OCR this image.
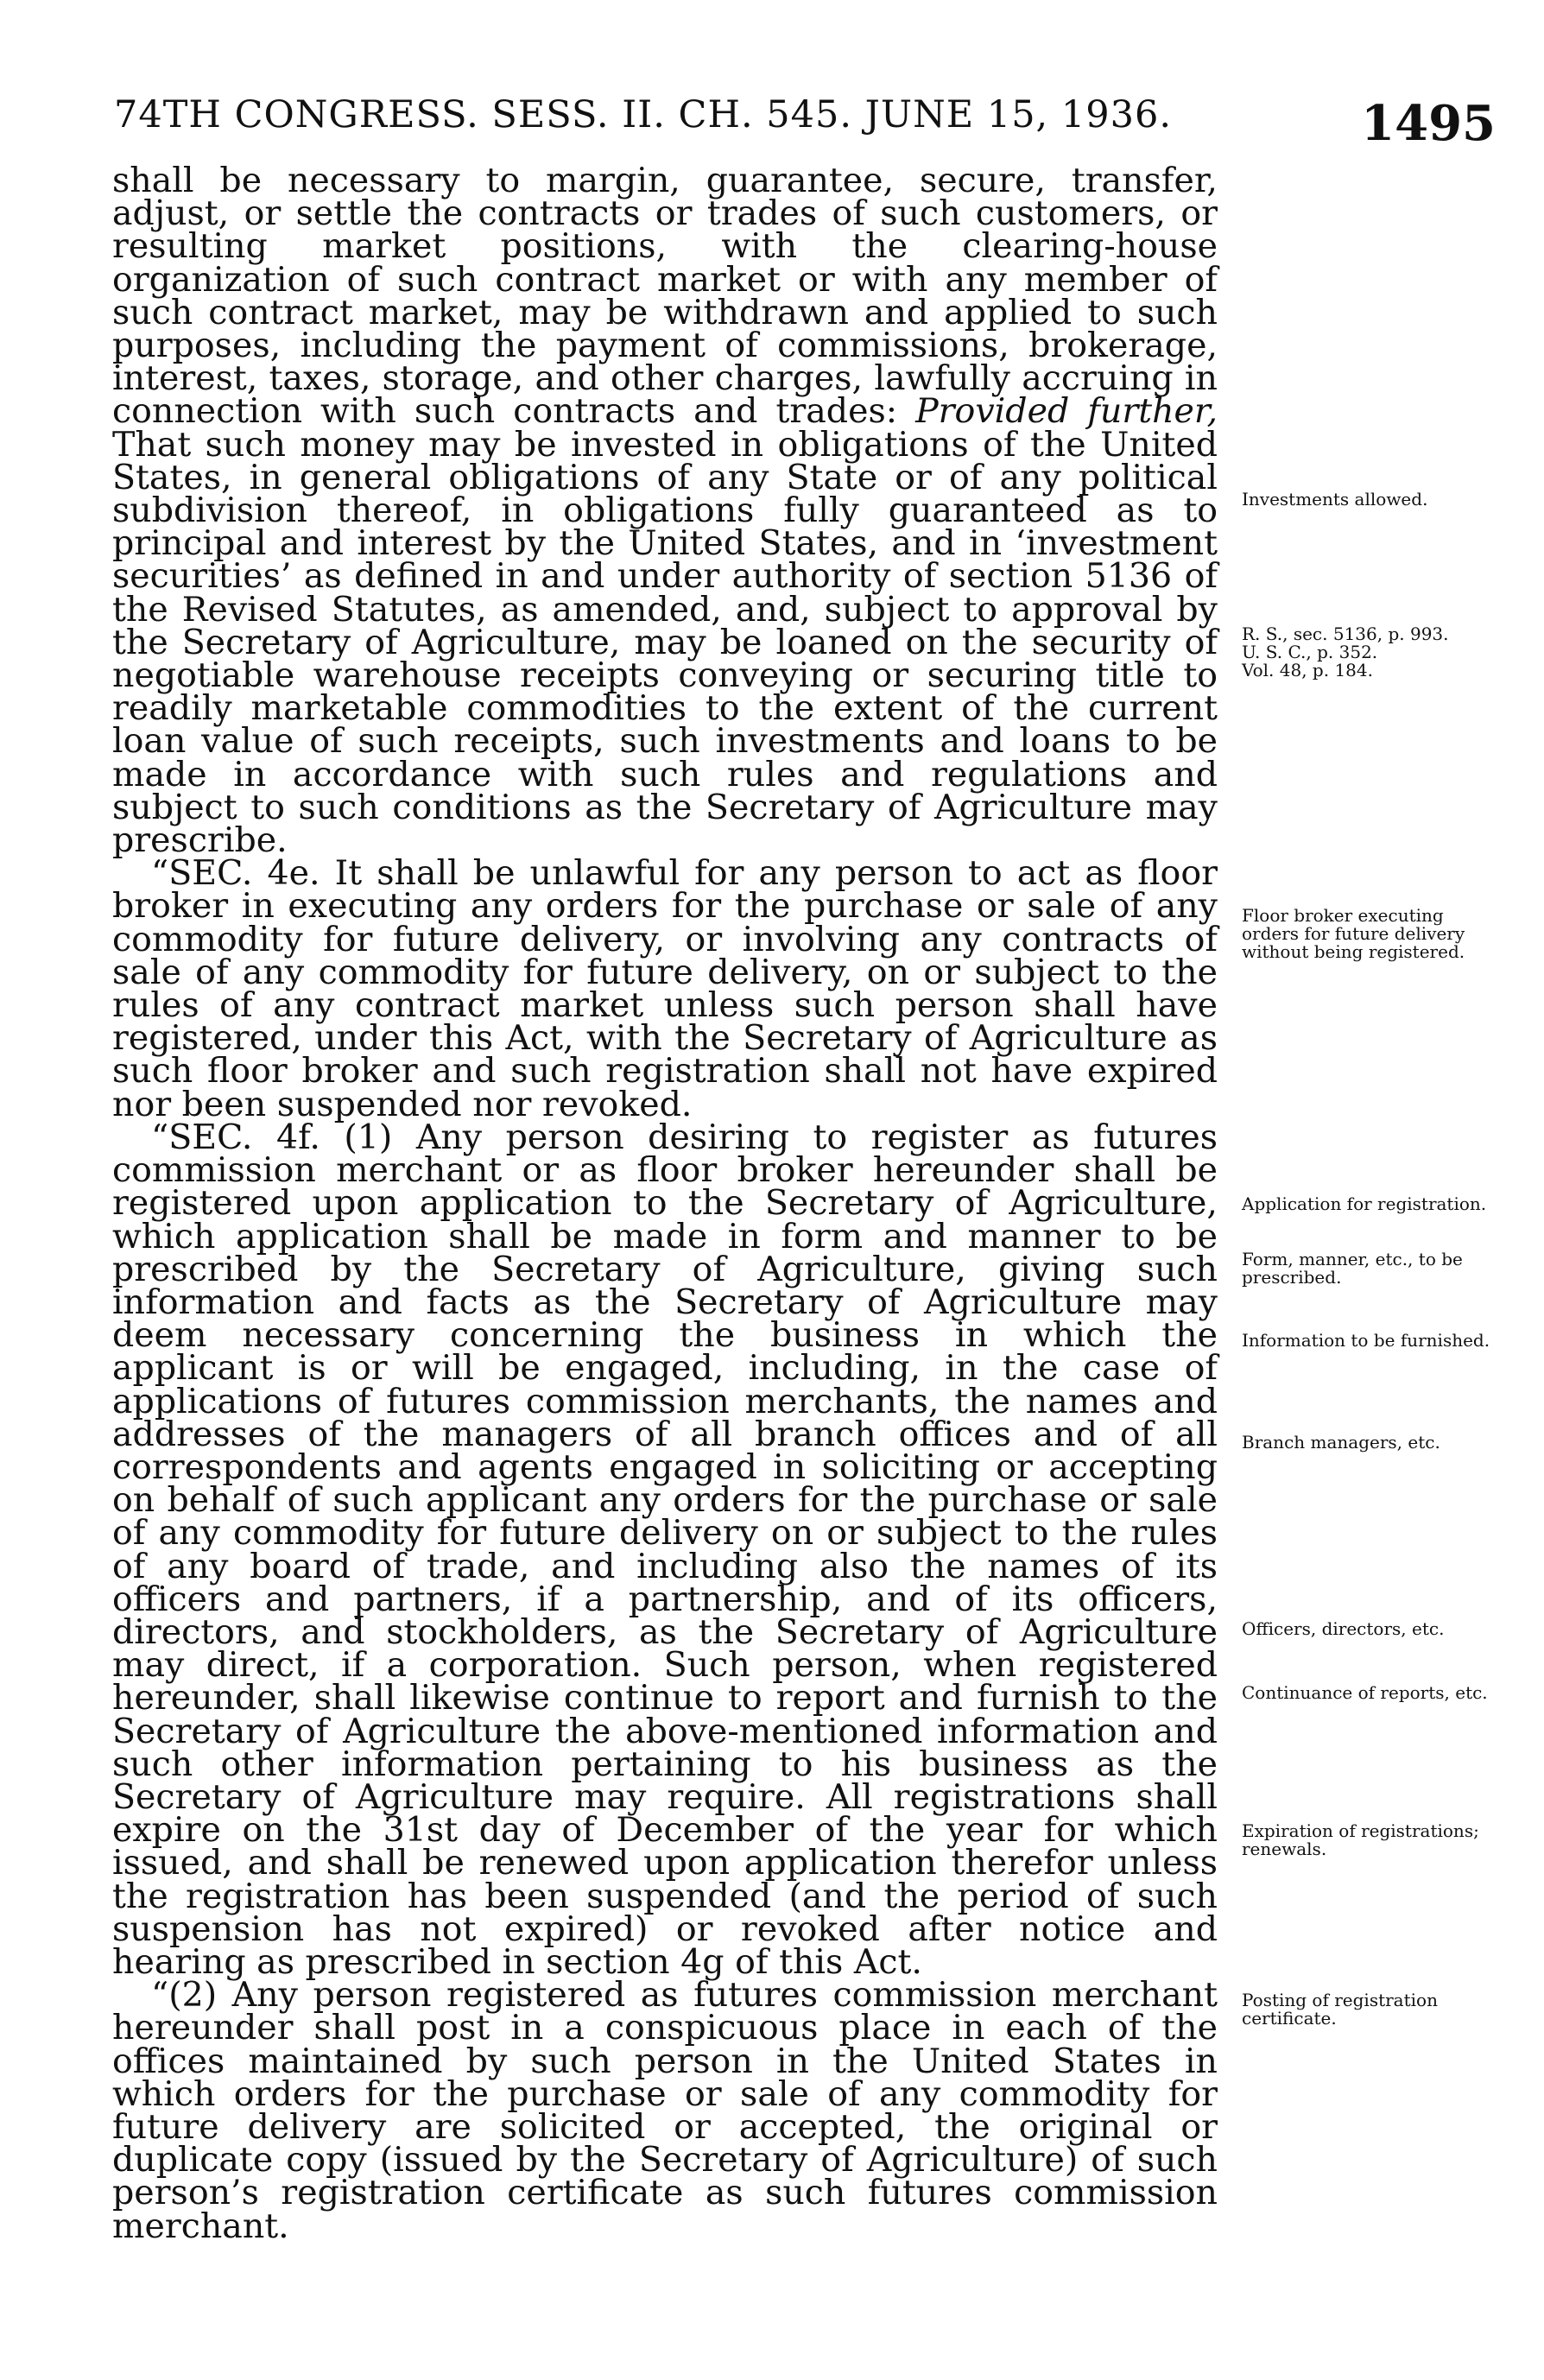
74TH CONGRESS. SESS. II. CH. 545. JUNE 15, 1936.	1495

shall be necessary to margin, guarantee, secure, transfer, adjust, or settle the contracts or trades of such customers, or resulting market positions, with the clearing-house organization of such contract market or with any member of such contract market, may be withdrawn and applied to such purposes, including the payment of commissions, brokerage, interest, taxes, storage, and other charges, lawfully accruing in connection with such contracts and trades: Provided further, That such money may be invested in obligations of the United States, in general obligations of any State or of any political subdivision thereof, in obligations fully guaranteed as to principal and interest by the United States, and in ‘investment securities’ as defined in and under authority of section 5136 of the Revised Statutes, as amended, and, subject to approval by the Secretary of Agriculture, may be loaned on the security of negotiable warehouse receipts conveying or securing title to readily marketable commodities to the extent of the current loan value of such receipts, such investments and loans to be made in accordance with such rules and regulations and subject to such conditions as the Secretary of Agriculture may prescribe.

“SEC. 4e. It shall be unlawful for any person to act as floor broker in executing any orders for the purchase or sale of any commodity for future delivery, or involving any contracts of sale of any commodity for future delivery, on or subject to the rules of any contract market unless such person shall have registered, under this Act, with the Secretary of Agriculture as such floor broker and such registration shall not have expired nor been suspended nor revoked.

“SEC. 4f. (1) Any person desiring to register as futures commission merchant or as floor broker hereunder shall be registered upon application to the Secretary of Agriculture, which application shall be made in form and manner to be prescribed by the Secretary of Agriculture, giving such information and facts as the Secretary of Agriculture may deem necessary concerning the business in which the applicant is or will be engaged, including, in the case of applications of futures commission merchants, the names and addresses of the managers of all branch offices and of all correspondents and agents engaged in soliciting or accepting on behalf of such applicant any orders for the purchase or sale of any commodity for future delivery on or subject to the rules of any board of trade, and including also the names of its officers and partners, if a partnership, and of its officers, directors, and stockholders, as the Secretary of Agriculture may direct, if a corporation. Such person, when registered hereunder, shall likewise continue to report and furnish to the Secretary of Agriculture the above-mentioned information and such other information pertaining to his business as the Secretary of Agriculture may require. All registrations shall expire on the 31st day of December of the year for which issued, and shall be renewed upon application therefor unless the registration has been suspended (and the period of such suspension has not expired) or revoked after notice and hearing as prescribed in section 4g of this Act.

“(2) Any person registered as futures commission merchant hereunder shall post in a conspicuous place in each of the offices maintained by such person in the United States in which orders for the purchase or sale of any commodity for future delivery are solicited or accepted, the original or duplicate copy (issued by the Secretary of Agriculture) of such person’s registration certificate as such futures commission merchant.

Investments allowed.
R. S., sec. 5136, p. 993.
U. S. C., p. 352.
Vol. 48, p. 184.
Floor broker executing orders for future delivery without being registered.
Application for registration.
Form, manner, etc., to be prescribed.
Information to be furnished.
Branch managers, etc.
Officers, directors, etc.
Continuance of reports, etc.
Expiration of registrations; renewals.
Posting of registration certificate.
